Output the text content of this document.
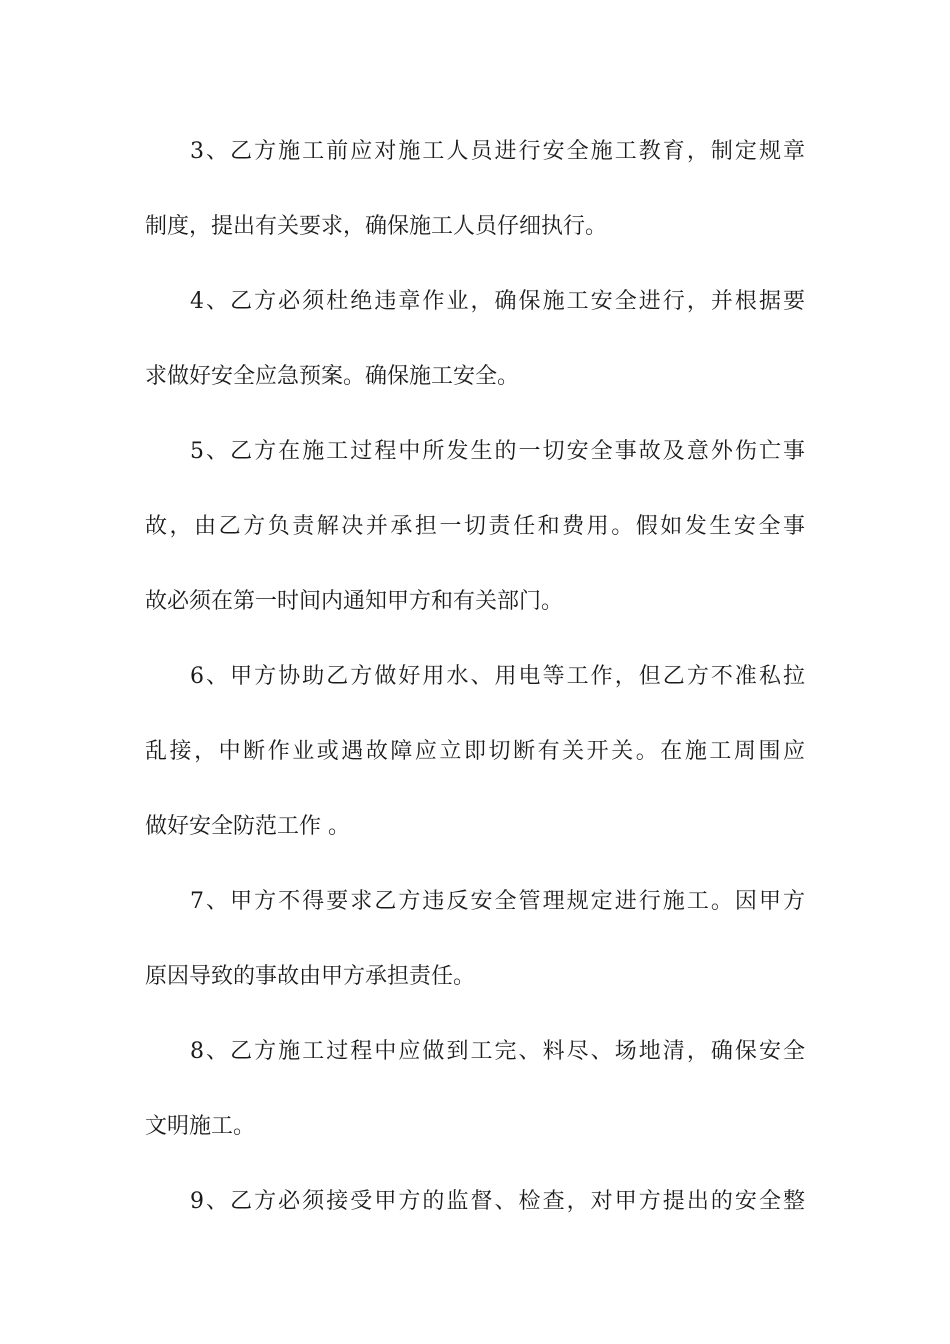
3、乙方施工前应对施工人员进行安全施工教育，制定规章
制度，提出有关要求，确保施工人员仔细执行。
4、乙方必须杜绝违章作业，确保施工安全进行，并根据要
求做好安全应急预案。确保施工安全。
5、乙方在施工过程中所发生的一切安全事故及意外伤亡事
故，由乙方负责解决并承担一切责任和费用。假如发生安全事
故必须在第一时间内通知甲方和有关部门。
6、甲方协助乙方做好用水、用电等工作，但乙方不准私拉
乱接，中断作业或遇故障应立即切断有关开关。在施工周围应
做好安全防范工作 。
7、甲方不得要求乙方违反安全管理规定进行施工。因甲方
原因导致的事故由甲方承担责任。
8、乙方施工过程中应做到工完、料尽、场地清，确保安全
文明施工。
9、乙方必须接受甲方的监督、检查，对甲方提出的安全整
